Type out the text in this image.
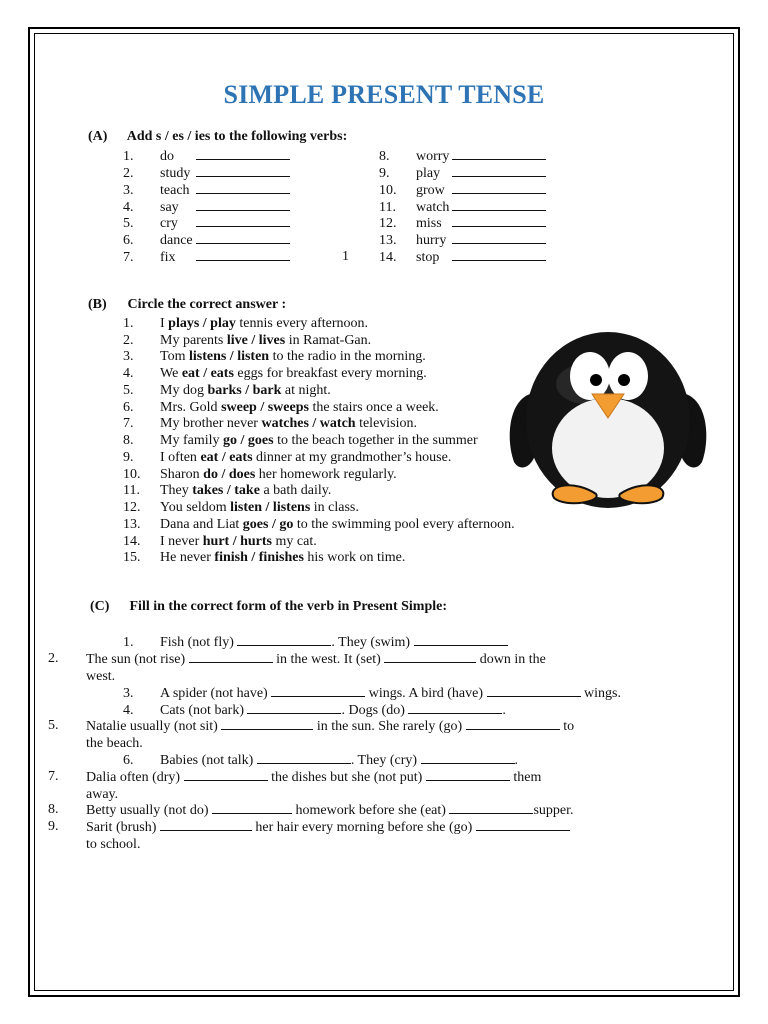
SIMPLE PRESENT TENSE
(A) Add s / es / ies to the following verbs:
1. do
2. study
3. teach
4. say
5. cry
6. dance
7. fix	1
8. worry
9. play
10. grow
11. watch
12. miss
13. hurry
14. stop
(B) Circle the correct answer :
1. I plays / play tennis every afternoon.
2. My parents live / lives in Ramat-Gan.
3. Tom listens / listen to the radio in the morning.
4. We eat / eats eggs for breakfast every morning.
5. My dog barks / bark at night.
6. Mrs. Gold sweep / sweeps the stairs once a week.
7. My brother never watches / watch television.
8. My family go / goes to the beach together in the summer
9. I often eat / eats dinner at my grandmother’s house.
10. Sharon do / does her homework regularly.
11. They takes / take a bath daily.
12. You seldom listen / listens in class.
13. Dana and Liat goes / go to the swimming pool every afternoon.
14. I never hurt / hurts my cat.
15. He never finish / finishes his work on time.
(C) Fill in the correct form of the verb in Present Simple:
1. Fish (not fly)	. They (swim)
2. The sun (not rise)	in the west. It (set)	down in the
west.
3. A spider (not have)	wings. A bird (have)	wings.
4. Cats (not bark)	. Dogs (do)	.
5. Natalie usually (not sit)	in the sun. She rarely (go)	to
the beach.
6. Babies (not talk)	. They (cry)	.
7. Dalia often (dry)	the dishes but she (not put)	them
away.
8. Betty usually (not do)	homework before she (eat)	supper.
9. Sarit (brush)	her hair every morning before she (go)
to school.
